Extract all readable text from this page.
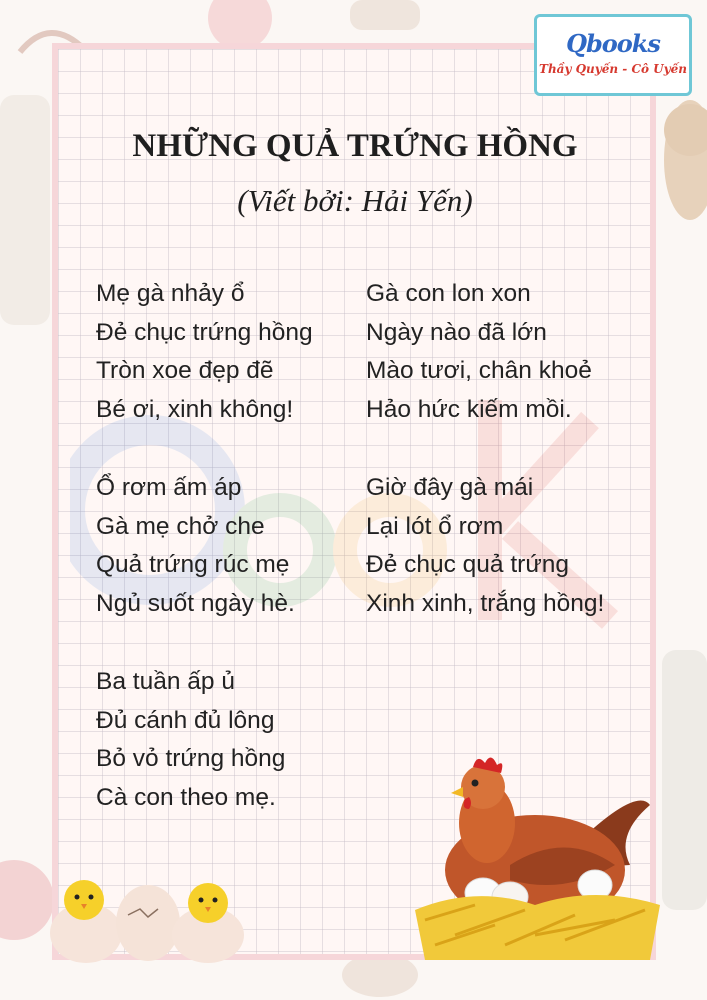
Qbooks
Thầy Quyến - Cô Uyến
NHỮNG QUẢ TRỨNG HỒNG
(Viết bởi: Hải Yến)
Mẹ gà nhảy ổ
Đẻ chục trứng hồng
Tròn xoe đẹp đẽ
Bé ơi, xinh không!
Ổ rơm ấm áp
Gà mẹ chở che
Quả trứng rúc mẹ
Ngủ suốt ngày hè.
Ba tuần ấp ủ
Đủ cánh đủ lông
Bỏ vỏ trứng hồng
Cà con theo mẹ.
Gà con lon xon
Ngày nào đã lớn
Mào tươi, chân khoẻ
Hảo hức kiếm mồi.
Giờ đây gà mái
Lại lót ổ rơm
Đẻ chục quả trứng
Xinh xinh, trắng hồng!
